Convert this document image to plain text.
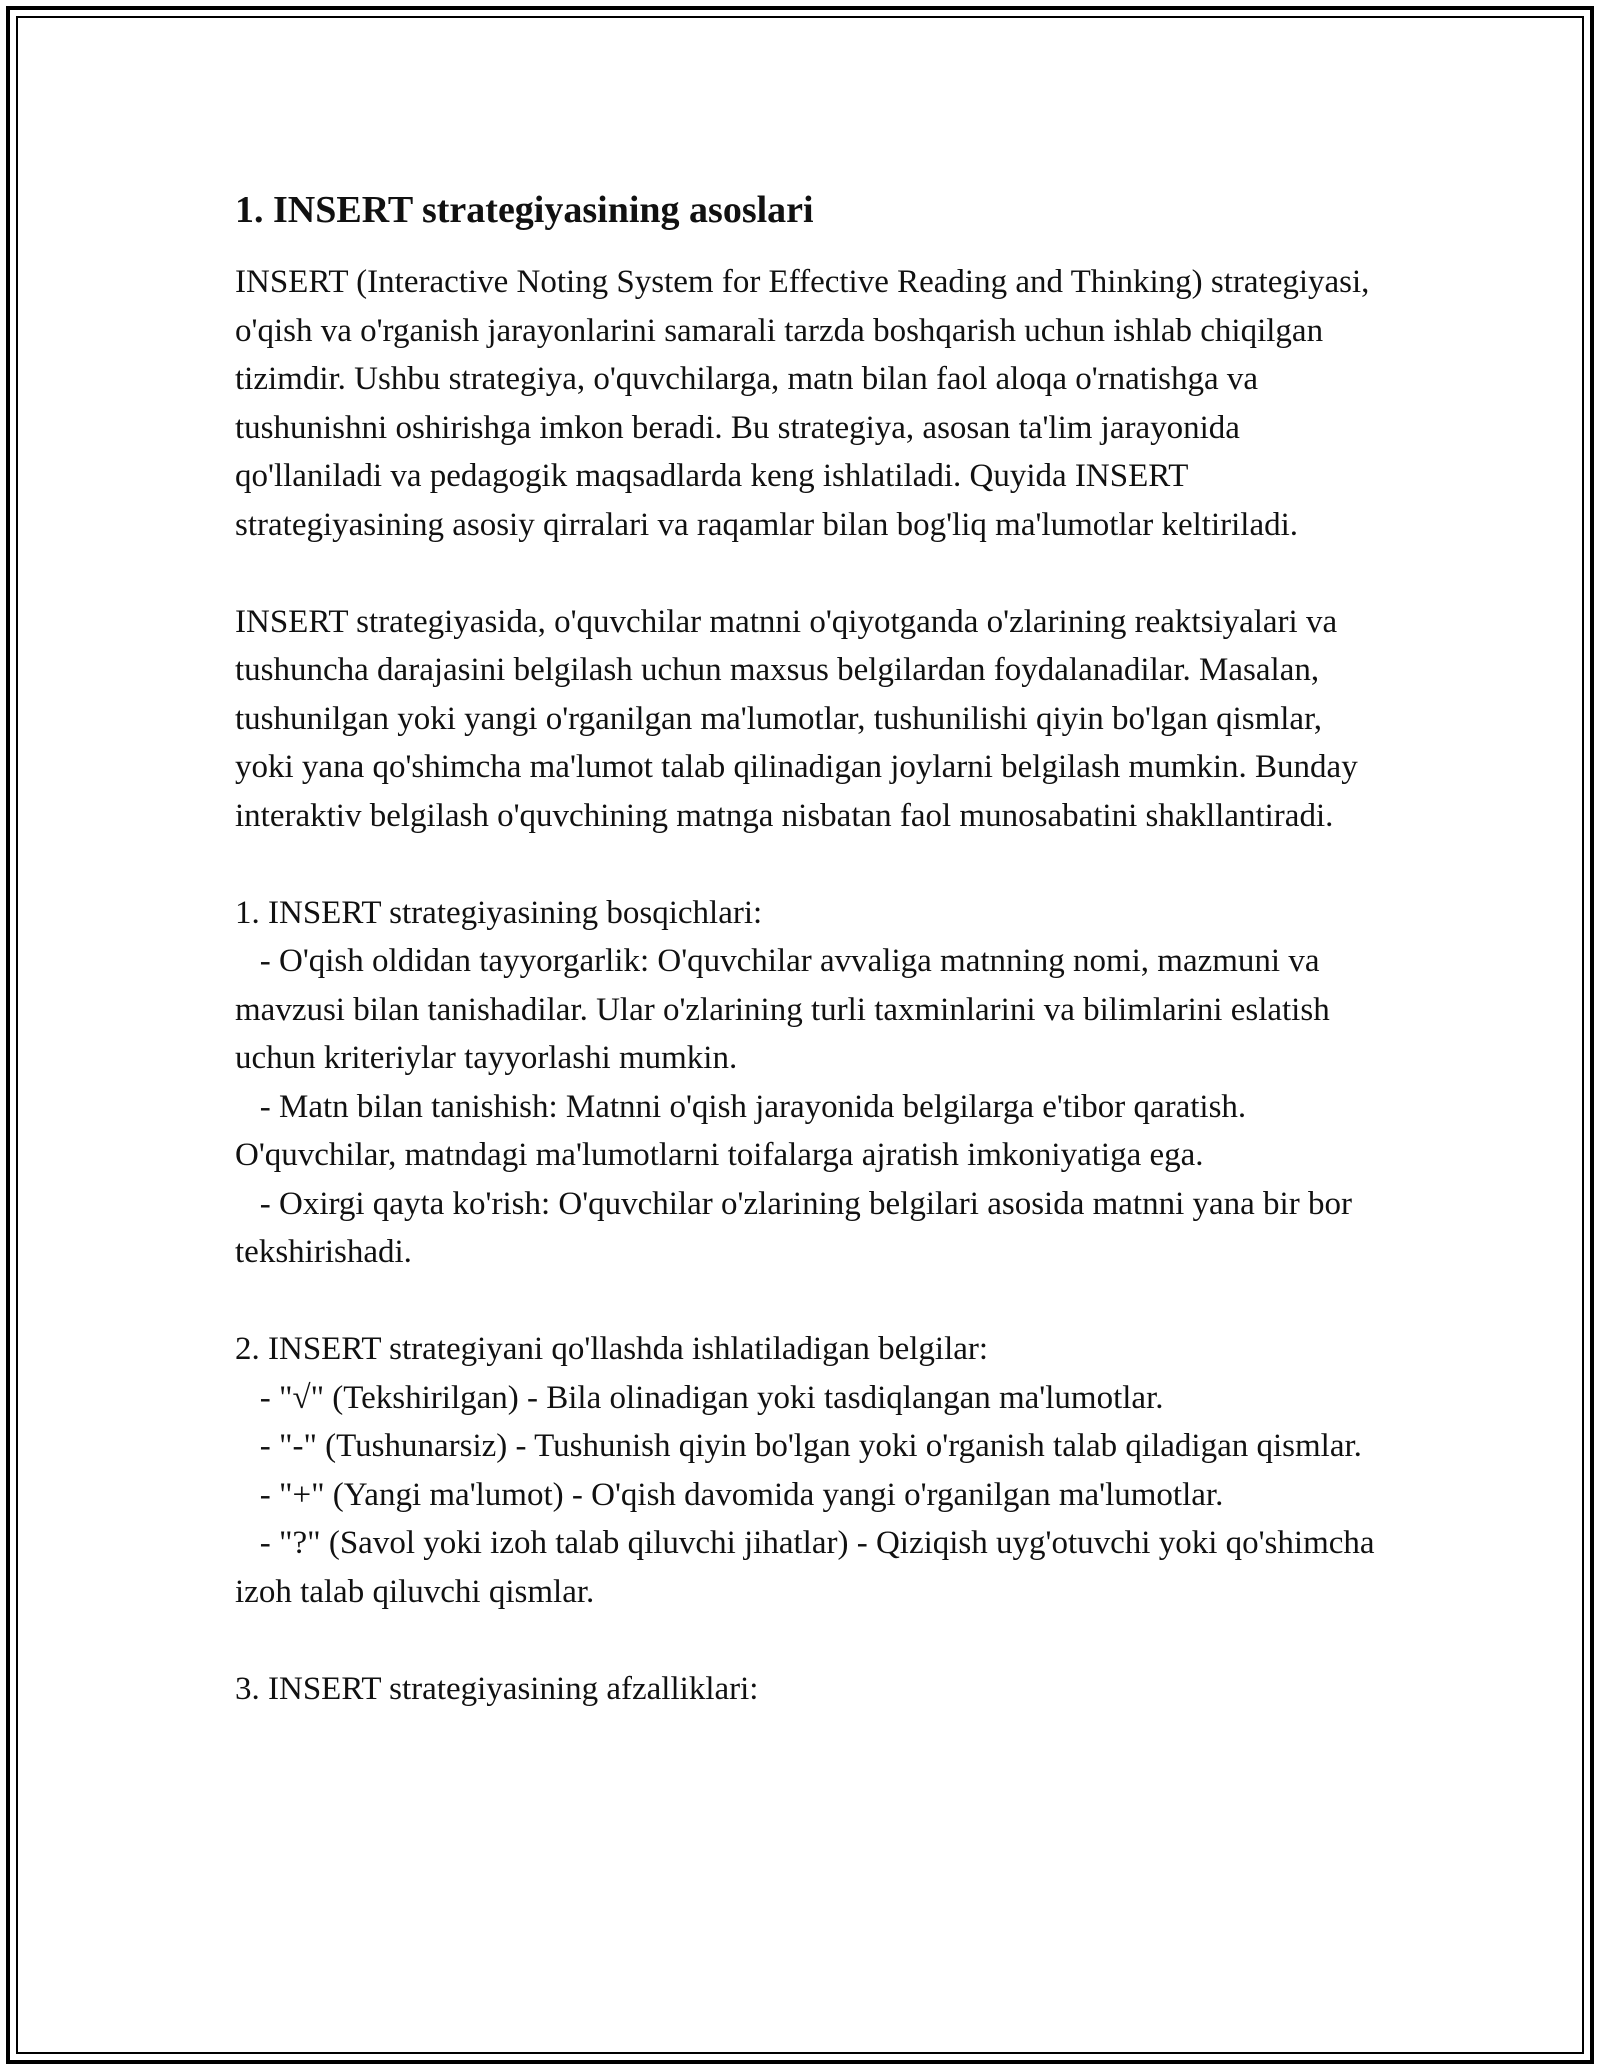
1. INSERT strategiyasining asoslari

INSERT (Interactive Noting System for Effective Reading and Thinking) strategiyasi, o'qish va o'rganish jarayonlarini samarali tarzda boshqarish uchun ishlab chiqilgan tizimdir. Ushbu strategiya, o'quvchilarga, matn bilan faol aloqa o'rnatishga va tushunishni oshirishga imkon beradi. Bu strategiya, asosan ta'lim jarayonida qo'llaniladi va pedagogik maqsadlarda keng ishlatiladi. Quyida INSERT strategiyasining asosiy qirralari va raqamlar bilan bog'liq ma'lumotlar keltiriladi.

INSERT strategiyasida, o'quvchilar matnni o'qiyotganda o'zlarining reaktsiyalari va tushuncha darajasini belgilash uchun maxsus belgilardan foydalanadilar. Masalan, tushunilgan yoki yangi o'rganilgan ma'lumotlar, tushunilishi qiyin bo'lgan qismlar, yoki yana qo'shimcha ma'lumot talab qilinadigan joylarni belgilash mumkin. Bunday interaktiv belgilash o'quvchining matnga nisbatan faol munosabatini shakllantiradi.

1. INSERT strategiyasining bosqichlari:

- O'qish oldidan tayyorgarlik: O'quvchilar avvaliga matnning nomi, mazmuni va mavzusi bilan tanishadilar. Ular o'zlarining turli taxminlarini va bilimlarini eslatish uchun kriteriylar tayyorlashi mumkin.

- Matn bilan tanishish: Matnni o'qish jarayonida belgilarga e'tibor qaratish. O'quvchilar, matndagi ma'lumotlarni toifalarga ajratish imkoniyatiga ega.

- Oxirgi qayta ko'rish: O'quvchilar o'zlarining belgilari asosida matnni yana bir bor tekshirishadi.

2. INSERT strategiyani qo'llashda ishlatiladigan belgilar:

- "√" (Tekshirilgan) - Bila olinadigan yoki tasdiqlangan ma'lumotlar.

- "-" (Tushunarsiz) - Tushunish qiyin bo'lgan yoki o'rganish talab qiladigan qismlar.

- "+" (Yangi ma'lumot) - O'qish davomida yangi o'rganilgan ma'lumotlar.

- "?" (Savol yoki izoh talab qiluvchi jihatlar) - Qiziqish uyg'otuvchi yoki qo'shimcha izoh talab qiluvchi qismlar.

3. INSERT strategiyasining afzalliklari:
